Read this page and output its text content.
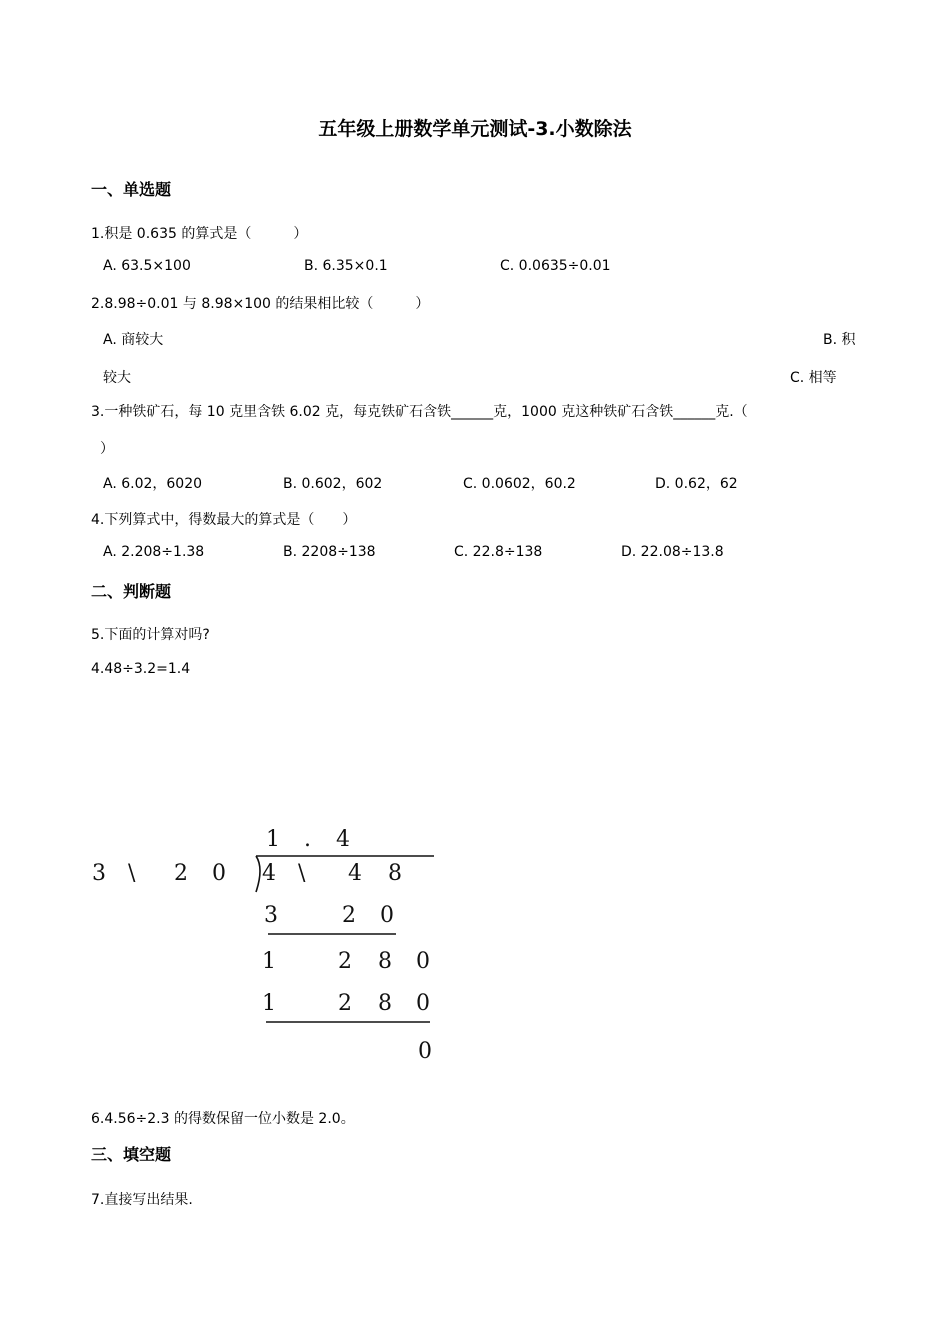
五年级上册数学单元测试-3.小数除法
一、单选题
1.积是 0.635 的算式是（　　　）
A. 63.5×100	B. 6.35×0.1	C. 0.0635÷0.01
2.8.98÷0.01 与 8.98×100 的结果相比较（　　　）
A. 商较大	B. 积
较大	C. 相等
3.一种铁矿石，每 10 克里含铁 6.02 克，每克铁矿石含铁______克，1000 克这种铁矿石含铁______克.（
）
A. 6.02，6020	B. 0.602，602	C. 0.0602，60.2	D. 0.62，62
4.下列算式中，得数最大的算式是（　　）
A. 2.208÷1.38	B. 2208÷138	C. 22.8÷138	D. 22.08÷13.8
二、判断题
5.下面的计算对吗?
4.48÷3.2=1.4
1 . 4
3 \ 2 0 4 \ 4 8
3	2 0
1	2 8 0
1	2 8 0
0
6.4.56÷2.3 的得数保留一位小数是 2.0。
三、填空题
7.直接写出结果.
